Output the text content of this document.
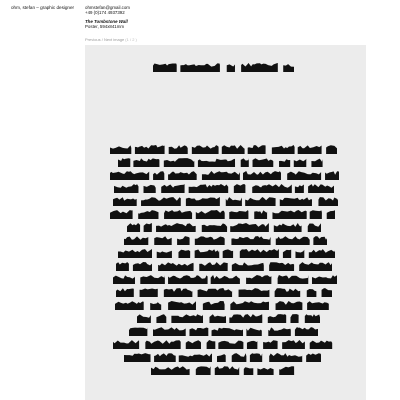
ohm, stefan – graphic designer ohmstefan@gmail.com
+49 (0)174 4937392
The Tombstone Wall
Poster, 594x841mm
Previous / Next image (1 / 2 )
